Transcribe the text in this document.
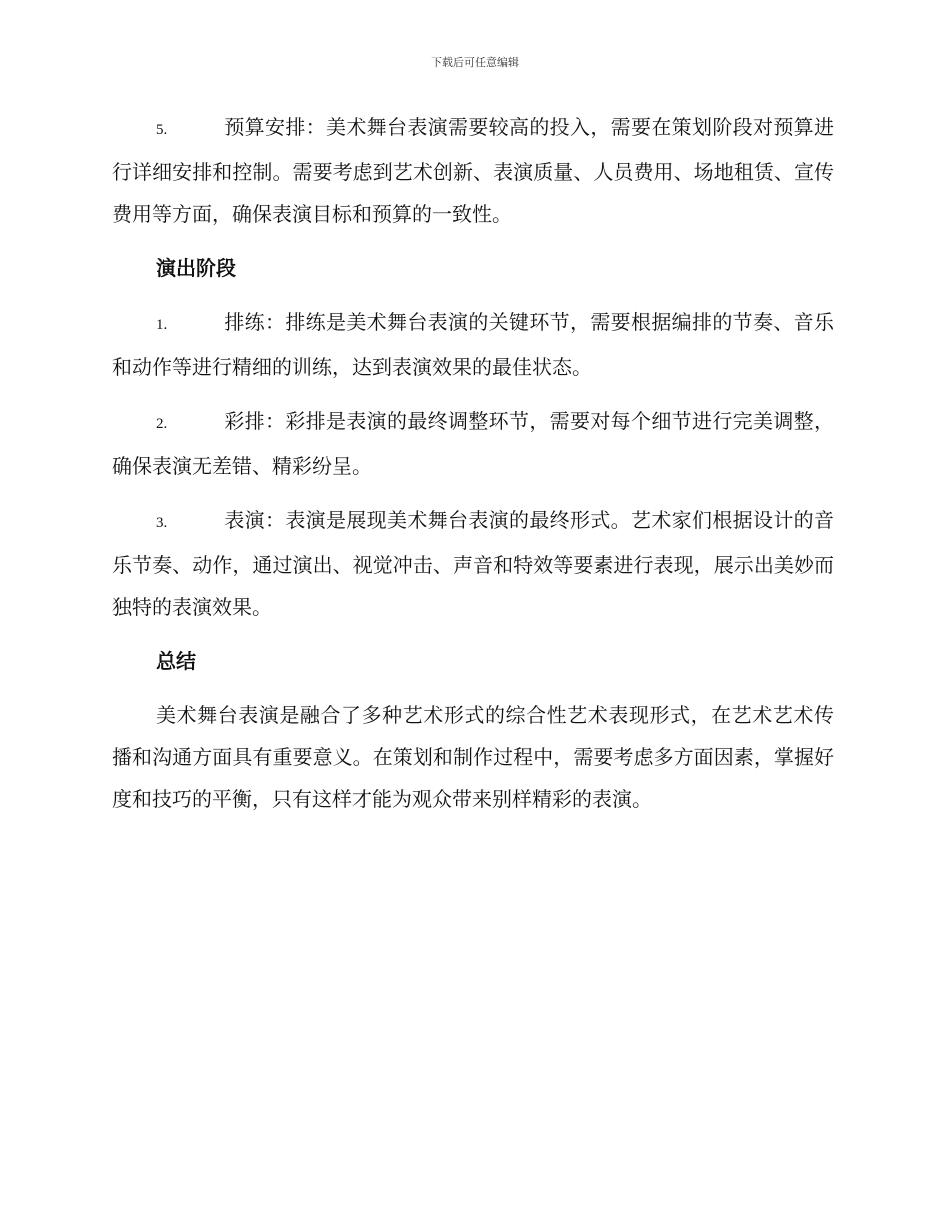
下载后可任意编辑

5.	预算安排：美术舞台表演需要较高的投入，需要在策划阶段对预算进行详细安排和控制。需要考虑到艺术创新、表演质量、人员费用、场地租赁、宣传费用等方面，确保表演目标和预算的一致性。

演出阶段

1.	排练：排练是美术舞台表演的关键环节，需要根据编排的节奏、音乐和动作等进行精细的训练，达到表演效果的最佳状态。

2.	彩排：彩排是表演的最终调整环节，需要对每个细节进行完美调整，确保表演无差错、精彩纷呈。

3.	表演：表演是展现美术舞台表演的最终形式。艺术家们根据设计的音乐节奏、动作，通过演出、视觉冲击、声音和特效等要素进行表现，展示出美妙而独特的表演效果。

总结

美术舞台表演是融合了多种艺术形式的综合性艺术表现形式，在艺术艺术传播和沟通方面具有重要意义。在策划和制作过程中，需要考虑多方面因素，掌握好度和技巧的平衡，只有这样才能为观众带来别样精彩的表演。
